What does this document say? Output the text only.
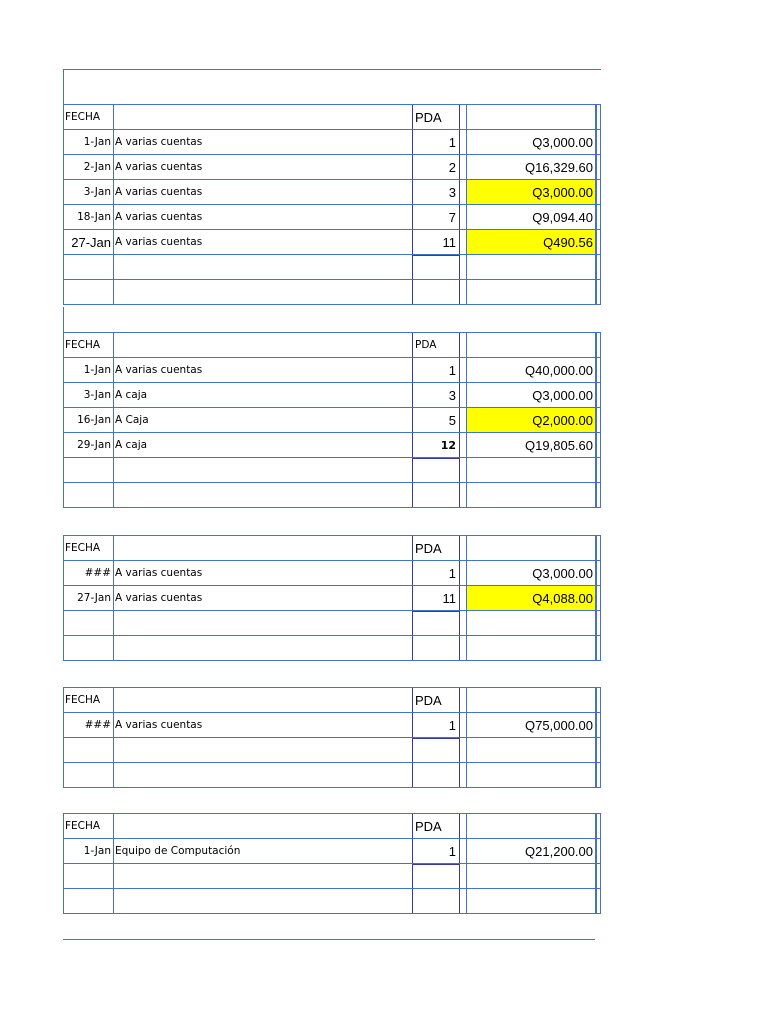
FECHA	PDA
1-Jan A varias cuentas	1	Q3,000.00
2-Jan A varias cuentas	2	Q16,329.60
3-Jan A varias cuentas	3	Q3,000.00
18-Jan A varias cuentas	7	Q9,094.40
27-Jan A varias cuentas	11	Q490.56
FECHA	PDA
1-Jan A varias cuentas	1	Q40,000.00
3-Jan A caja	3	Q3,000.00
16-Jan A Caja	5	Q2,000.00
29-Jan A caja	12	Q19,805.60
FECHA	PDA
### A varias cuentas	1	Q3,000.00
27-Jan A varias cuentas	11	Q4,088.00
FECHA	PDA
### A varias cuentas	1	Q75,000.00
FECHA	PDA
1-Jan Equipo de Computación	1	Q21,200.00
